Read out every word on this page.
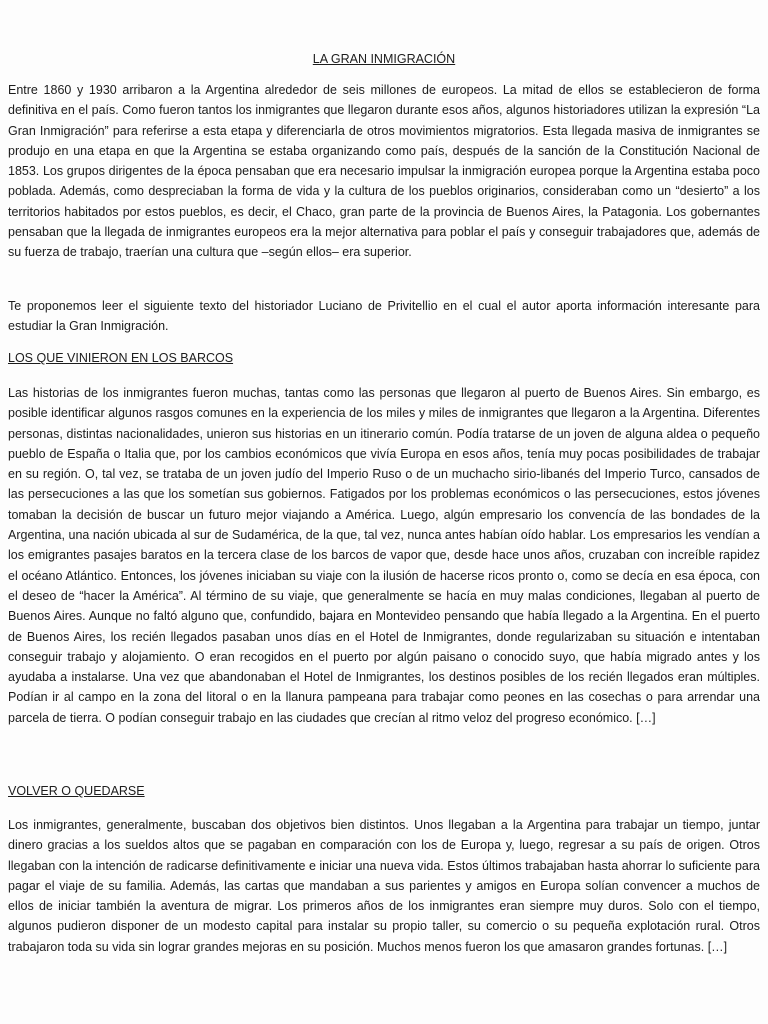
LA GRAN INMIGRACIÓN

Entre 1860 y 1930 arribaron a la Argentina alrededor de seis millones de europeos. La mitad de ellos se establecieron de forma definitiva en el país. Como fueron tantos los inmigrantes que llegaron durante esos años, algunos historiadores utilizan la expresión “La Gran Inmigración” para referirse a esta etapa y diferenciarla de otros movimientos migratorios. Esta llegada masiva de inmigrantes se produjo en una etapa en que la Argentina se estaba organizando como país, después de la sanción de la Constitución Nacional de 1853. Los grupos dirigentes de la época pensaban que era necesario impulsar la inmigración europea porque la Argentina estaba poco poblada. Además, como despreciaban la forma de vida y la cultura de los pueblos originarios, consideraban como un “desierto” a los territorios habitados por estos pueblos, es decir, el Chaco, gran parte de la provincia de Buenos Aires, la Patagonia. Los gobernantes pensaban que la llegada de inmigrantes europeos era la mejor alternativa para poblar el país y conseguir trabajadores que, además de su fuerza de trabajo, traerían una cultura que –según ellos– era superior.

Te proponemos leer el siguiente texto del historiador Luciano de Privitellio en el cual el autor aporta información interesante para estudiar la Gran Inmigración.

LOS QUE VINIERON EN LOS BARCOS

Las historias de los inmigrantes fueron muchas, tantas como las personas que llegaron al puerto de Buenos Aires. Sin embargo, es posible identificar algunos rasgos comunes en la experiencia de los miles y miles de inmigrantes que llegaron a la Argentina. Diferentes personas, distintas nacionalidades, unieron sus historias en un itinerario común. Podía tratarse de un joven de alguna aldea o pequeño pueblo de España o Italia que, por los cambios económicos que vivía Europa en esos años, tenía muy pocas posibilidades de trabajar en su región. O, tal vez, se trataba de un joven judío del Imperio Ruso o de un muchacho sirio-libanés del Imperio Turco, cansados de las persecuciones a las que los sometían sus gobiernos. Fatigados por los problemas económicos o las persecuciones, estos jóvenes tomaban la decisión de buscar un futuro mejor viajando a América. Luego, algún empresario los convencía de las bondades de la Argentina, una nación ubicada al sur de Sudamérica, de la que, tal vez, nunca antes habían oído hablar. Los empresarios les vendían a los emigrantes pasajes baratos en la tercera clase de los barcos de vapor que, desde hace unos años, cruzaban con increíble rapidez el océano Atlántico. Entonces, los jóvenes iniciaban su viaje con la ilusión de hacerse ricos pronto o, como se decía en esa época, con el deseo de “hacer la América”. Al término de su viaje, que generalmente se hacía en muy malas condiciones, llegaban al puerto de Buenos Aires. Aunque no faltó alguno que, confundido, bajara en Montevideo pensando que había llegado a la Argentina. En el puerto de Buenos Aires, los recién llegados pasaban unos días en el Hotel de Inmigrantes, donde regularizaban su situación e intentaban conseguir trabajo y alojamiento. O eran recogidos en el puerto por algún paisano o conocido suyo, que había migrado antes y los ayudaba a instalarse. Una vez que abandonaban el Hotel de Inmigrantes, los destinos posibles de los recién llegados eran múltiples. Podían ir al campo en la zona del litoral o en la llanura pampeana para trabajar como peones en las cosechas o para arrendar una parcela de tierra. O podían conseguir trabajo en las ciudades que crecían al ritmo veloz del progreso económico. […]

VOLVER O QUEDARSE

Los inmigrantes, generalmente, buscaban dos objetivos bien distintos. Unos llegaban a la Argentina para trabajar un tiempo, juntar dinero gracias a los sueldos altos que se pagaban en comparación con los de Europa y, luego, regresar a su país de origen. Otros llegaban con la intención de radicarse definitivamente e iniciar una nueva vida. Estos últimos trabajaban hasta ahorrar lo suficiente para pagar el viaje de su familia. Además, las cartas que mandaban a sus parientes y amigos en Europa solían convencer a muchos de ellos de iniciar también la aventura de migrar. Los primeros años de los inmigrantes eran siempre muy duros. Solo con el tiempo, algunos pudieron disponer de un modesto capital para instalar su propio taller, su comercio o su pequeña explotación rural. Otros trabajaron toda su vida sin lograr grandes mejoras en su posición. Muchos menos fueron los que amasaron grandes fortunas. […]
